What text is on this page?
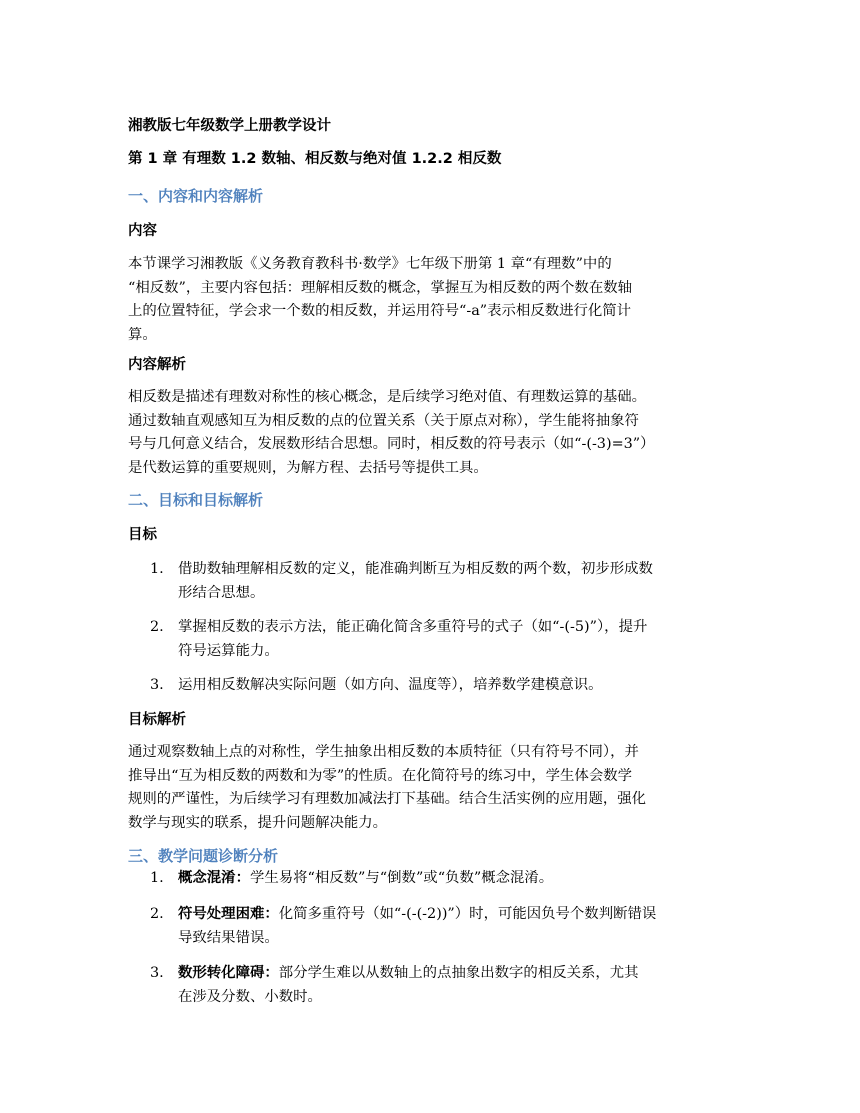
湘教版七年级数学上册教学设计
第 1 章 有理数 1.2 数轴、相反数与绝对值 1.2.2 相反数
一、内容和内容解析
内容
本节课学习湘教版《义务教育教科书·数学》七年级下册第 1 章“有理数”中的
“相反数”，主要内容包括：理解相反数的概念，掌握互为相反数的两个数在数轴
上的位置特征，学会求一个数的相反数，并运用符号“-a”表示相反数进行化简计
算。
内容解析
相反数是描述有理数对称性的核心概念，是后续学习绝对值、有理数运算的基础。
通过数轴直观感知互为相反数的点的位置关系（关于原点对称），学生能将抽象符
号与几何意义结合，发展数形结合思想。同时，相反数的符号表示（如“-(-3)=3”）
是代数运算的重要规则，为解方程、去括号等提供工具。
二、目标和目标解析
目标
1. 借助数轴理解相反数的定义，能准确判断互为相反数的两个数，初步形成数
形结合思想。
2. 掌握相反数的表示方法，能正确化简含多重符号的式子（如“-(-5)”），提升
符号运算能力。
3. 运用相反数解决实际问题（如方向、温度等），培养数学建模意识。
目标解析
通过观察数轴上点的对称性，学生抽象出相反数的本质特征（只有符号不同），并
推导出“互为相反数的两数和为零”的性质。在化简符号的练习中，学生体会数学
规则的严谨性，为后续学习有理数加减法打下基础。结合生活实例的应用题，强化
数学与现实的联系，提升问题解决能力。
三、教学问题诊断分析
1. 概念混淆：学生易将“相反数”与“倒数”或“负数”概念混淆。
2. 符号处理困难：化简多重符号（如“-(-(-2))”）时，可能因负号个数判断错误
导致结果错误。
3. 数形转化障碍：部分学生难以从数轴上的点抽象出数字的相反关系，尤其
在涉及分数、小数时。
